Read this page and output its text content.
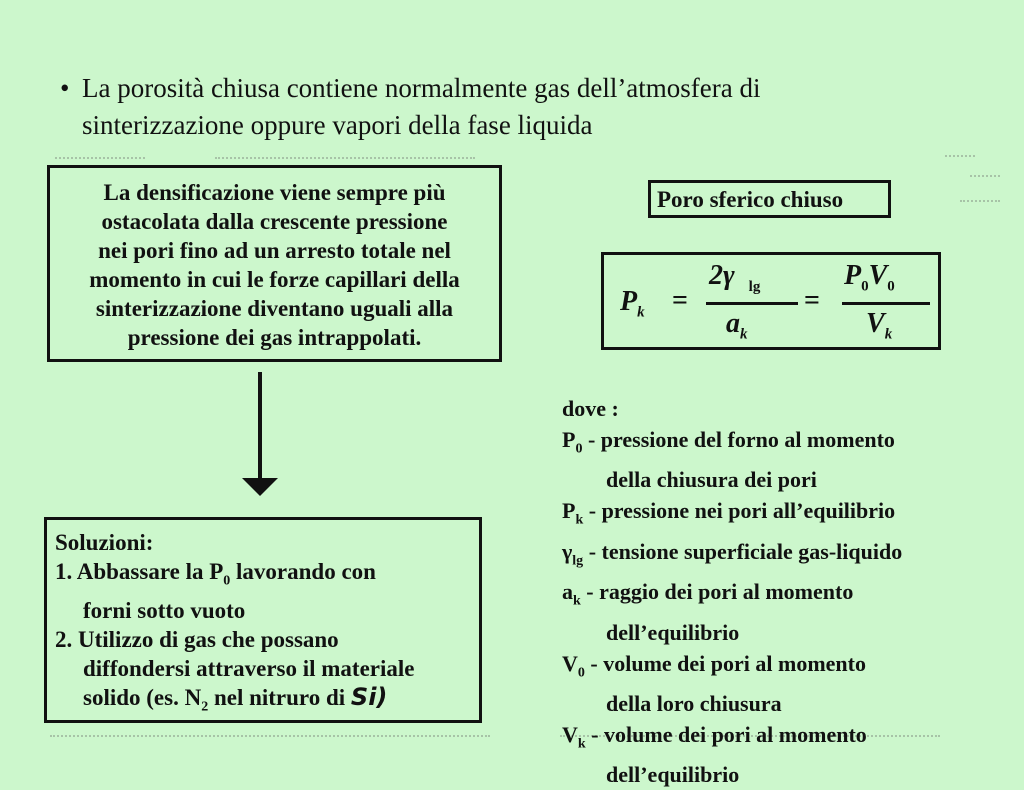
• La porosità chiusa contiene normalmente gas dell’atmosfera di
sinterizzazione oppure vapori della fase liquida
La densificazione viene sempre più
ostacolata dalla crescente pressione
nei pori fino ad un arresto totale nel
momento in cui le forze capillari della
sinterizzazione diventano uguali alla
pressione dei gas intrappolati.
Soluzioni:
1. Abbassare la $P_0$ lavorando con
forni sotto vuoto
2. Utilizzo di gas che possano
diffondersi attraverso il materiale
solido (es. $N_2$ nel nitruro di Si)
Poro sferico chiuso
$P_k$ =
2γ $_{lg}$
$a_k$
=
$P_0V_0$
$V_k$
dove :
$P_0$ - pressione del forno al momento
della chiusura dei pori
$P_k$ - pressione nei pori all’equilibrio
$\gamma_{lg}$ - tensione superficiale gas-liquido
$a_k$ - raggio dei pori al momento
dell’equilibrio
$V_0$ - volume dei pori al momento
della loro chiusura
$V_k$ - volume dei pori al momento
dell’equilibrio
